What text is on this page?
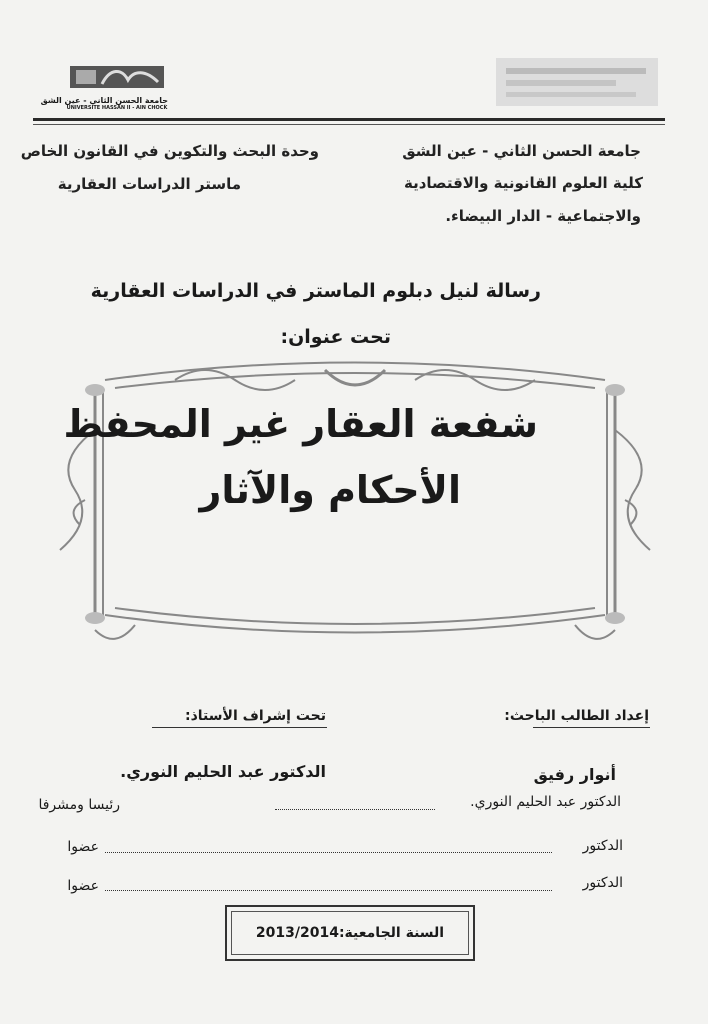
جامعة الحسن الثاني - عين الشق
UNIVERSITE HASSAN II - AIN CHOCK
جامعة الحسن الثاني - عين الشق
كلية العلوم القانونية والاقتصادية
والاجتماعية - الدار البيضاء.
وحدة البحث والتكوين في القانون الخاص
ماستر الدراسات العقارية
رسالة لنيل دبلوم الماستر في الدراسات العقارية
تحت عنوان:
شفعة العقار غير المحفظ
الأحكام والآثار
إعداد الطالب الباحث:
تحت إشراف الأستاذ:
أنوار رفيق
الدكتور عبد الحليم النوري.
الدكتور عبد الحليم النوري.
رئيسا ومشرفا
الدكتور
عضوا
الدكتور
عضوا
السنة الجامعية:2013/2014
